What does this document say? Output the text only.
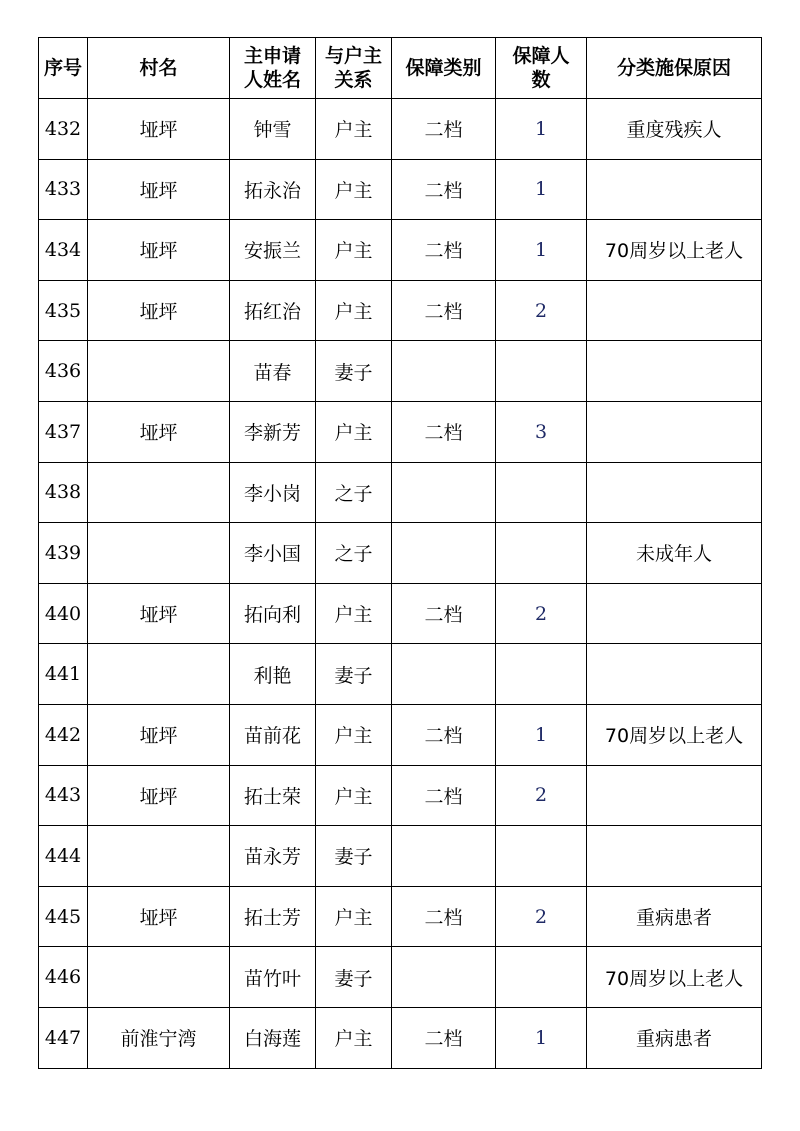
序号	村名	主申请人姓名	与户主关系	保障类别	保障人数	分类施保原因
432	垭坪	钟雪	户主	二档	1	重度残疾人
433	垭坪	拓永治	户主	二档	1	
434	垭坪	安振兰	户主	二档	1	70周岁以上老人
435	垭坪	拓红治	户主	二档	2	
436		苗春	妻子			
437	垭坪	李新芳	户主	二档	3	
438		李小岗	之子			
439		李小国	之子			未成年人
440	垭坪	拓向利	户主	二档	2	
441		利艳	妻子			
442	垭坪	苗前花	户主	二档	1	70周岁以上老人
443	垭坪	拓士荣	户主	二档	2	
444		苗永芳	妻子			
445	垭坪	拓士芳	户主	二档	2	重病患者
446		苗竹叶	妻子			70周岁以上老人
447	前淮宁湾	白海莲	户主	二档	1	重病患者
